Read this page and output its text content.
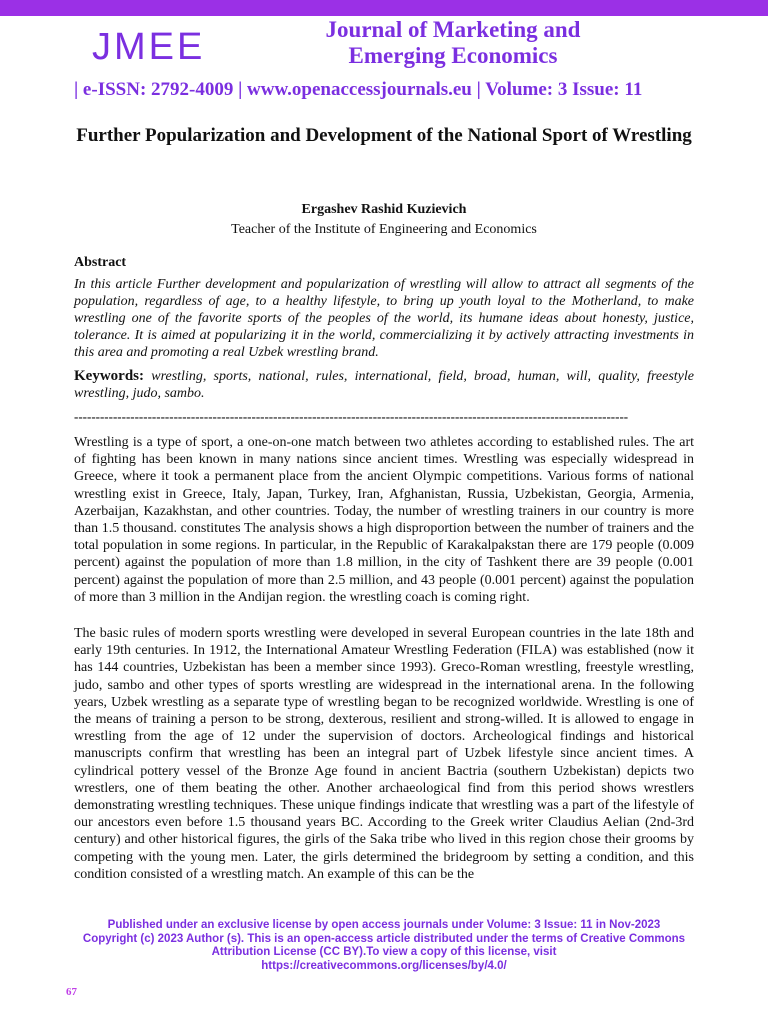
JMEE	Journal of Marketing and Emerging Economics
| e-ISSN: 2792-4009 | www.openaccessjournals.eu | Volume: 3 Issue: 11
Further Popularization and Development of the National Sport of Wrestling
Ergashev Rashid Kuzievich
Teacher of the Institute of Engineering and Economics
Abstract
In this article Further development and popularization of wrestling will allow to attract all segments of the population, regardless of age, to a healthy lifestyle, to bring up youth loyal to the Motherland, to make wrestling one of the favorite sports of the peoples of the world, its humane ideas about honesty, justice, tolerance. It is aimed at popularizing it in the world, commercializing it by actively attracting investments in this area and promoting a real Uzbek wrestling brand.
Keywords: wrestling, sports, national, rules, international, field, broad, human, will, quality, freestyle wrestling, judo, sambo.
--------------------------------------------------------------------------------------------------------------------------------
Wrestling is a type of sport, a one-on-one match between two athletes according to established rules. The art of fighting has been known in many nations since ancient times. Wrestling was especially widespread in Greece, where it took a permanent place from the ancient Olympic competitions. Various forms of national wrestling exist in Greece, Italy, Japan, Turkey, Iran, Afghanistan, Russia, Uzbekistan, Georgia, Armenia, Azerbaijan, Kazakhstan, and other countries. Today, the number of wrestling trainers in our country is more than 1.5 thousand. constitutes The analysis shows a high disproportion between the number of trainers and the total population in some regions. In particular, in the Republic of Karakalpakstan there are 179 people (0.009 percent) against the population of more than 1.8 million, in the city of Tashkent there are 39 people (0.001 percent) against the population of more than 2.5 million, and 43 people (0.001 percent) against the population of more than 3 million in the Andijan region. the wrestling coach is coming right.
The basic rules of modern sports wrestling were developed in several European countries in the late 18th and early 19th centuries. In 1912, the International Amateur Wrestling Federation (FILA) was established (now it has 144 countries, Uzbekistan has been a member since 1993). Greco-Roman wrestling, freestyle wrestling, judo, sambo and other types of sports wrestling are widespread in the international arena. In the following years, Uzbek wrestling as a separate type of wrestling began to be recognized worldwide. Wrestling is one of the means of training a person to be strong, dexterous, resilient and strong-willed. It is allowed to engage in wrestling from the age of 12 under the supervision of doctors. Archeological findings and historical manuscripts confirm that wrestling has been an integral part of Uzbek lifestyle since ancient times. A cylindrical pottery vessel of the Bronze Age found in ancient Bactria (southern Uzbekistan) depicts two wrestlers, one of them beating the other. Another archaeological find from this period shows wrestlers demonstrating wrestling techniques. These unique findings indicate that wrestling was a part of the lifestyle of our ancestors even before 1.5 thousand years BC. According to the Greek writer Claudius Aelian (2nd-3rd century) and other historical figures, the girls of the Saka tribe who lived in this region chose their grooms by competing with the young men. Later, the girls determined the bridegroom by setting a condition, and this condition consisted of a wrestling match. An example of this can be the
Published under an exclusive license by open access journals under Volume: 3 Issue: 11 in Nov-2023
Copyright (c) 2023 Author (s). This is an open-access article distributed under the terms of Creative Commons Attribution License (CC BY).To view a copy of this license, visit
https://creativecommons.org/licenses/by/4.0/
67
